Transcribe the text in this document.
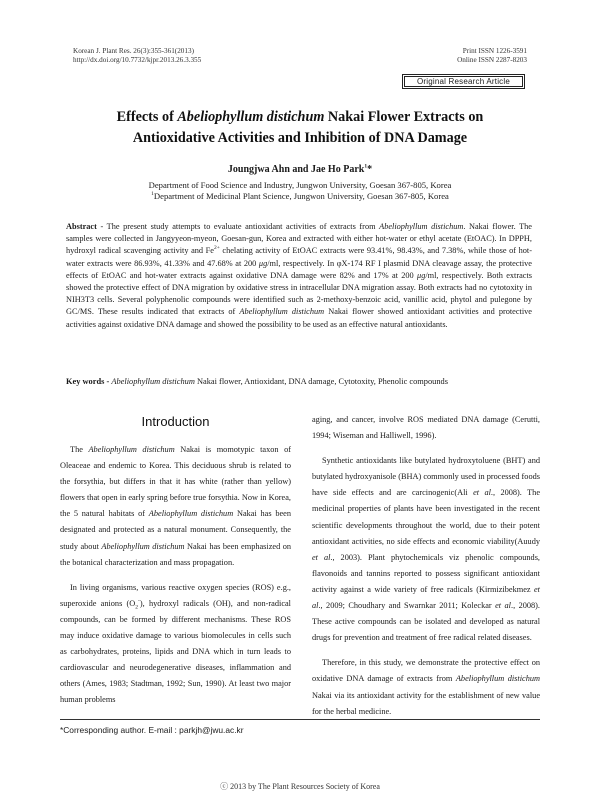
Korean J. Plant Res. 26(3):355-361(2013)
http://dx.doi.org/10.7732/kjpr.2013.26.3.355
Print ISSN 1226-3591
Online ISSN 2287-8203
Original Research Article
Effects of Abeliophyllum distichum Nakai Flower Extracts on
Antioxidative Activities and Inhibition of DNA Damage
Joungjwa Ahn and Jae Ho Park$^1$*
Department of Food Science and Industry, Jungwon University, Goesan 367-805, Korea
$^1$Department of Medicinal Plant Science, Jungwon University, Goesan 367-805, Korea
Abstract - The present study attempts to evaluate antioxidant activities of extracts from Abeliophyllum distichum. Nakai flower. The samples were collected in Jangyyeon-myeon, Goesan-gun, Korea and extracted with either hot-water or ethyl acetate (EtOAC). In DPPH, hydroxyl radical scavenging activity and $Fe^{2+}$ chelating activity of EtOAC extracts were 93.41%, 98.43%, and 7.38%, while those of hot-water extracts were 86.93%, 41.33% and 47.68% at 200 μg/ml, respectively. In φX-174 RF I plasmid DNA cleavage assay, the protective effects of EtOAC and hot-water extracts against oxidative DNA damage were 82% and 17% at 200 μg/ml, respectively. Both extracts showed the protective effect of DNA migration by oxidative stress in intracellular DNA migration assay. Both extracts had no cytotoxity in NIH3T3 cells. Several polyphenolic compounds were identified such as 2-methoxy-benzoic acid, vanillic acid, phytol and pulegone by GC/MS. These results indicated that extracts of Abeliophyllum distichum Nakai flower showed antioxidant activities and protective activities against oxidative DNA damage and showed the possibility to be used as an effective natural antioxidants.
Key words - Abeliophyllum distichum Nakai flower, Antioxidant, DNA damage, Cytotoxity, Phenolic compounds
Introduction

The Abeliophyllum distichum Nakai is momotypic taxon of Oleaceae and endemic to Korea. This deciduous shrub is related to the forsythia, but differs in that it has white (rather than yellow) flowers that open in early spring before true forsythia. Now in Korea, the 5 natural habitats of Abeliophyllum distichum Nakai has been designated and protected as a natural monument. Consequently, the study about Abeliophyllum distichum Nakai has been emphasized on the botanical characterization and mass propagation.

In living organisms, various reactive oxygen species (ROS) e.g., superoxide anions $(O_2^-)$, hydroxyl radicals (OH), and non-radical compounds, can be formed by different mechanisms. These ROS may induce oxidative damage to various biomolecules in cells such as carbohydrates, proteins, lipids and DNA which in turn leads to cardiovascular and neurodegenerative diseases, inflammation and others (Ames, 1983; Stadtman, 1992; Sun, 1990). At least two major human problems

aging, and cancer, involve ROS mediated DNA damage (Cerutti, 1994; Wiseman and Halliwell, 1996).

Synthetic antioxidants like butylated hydroxytoluene (BHT) and butylated hydroxyanisole (BHA) commonly used in processed foods have side effects and are carcinogenic(Ali et al., 2008). The medicinal properties of plants have been investigated in the recent scientific developments throughout the world, due to their potent antioxidant activities, no side effects and economic viability(Auudy et al., 2003). Plant phytochemicals viz phenolic compounds, flavonoids and tannins reported to possess significant antioxidant activity against a wide variety of free radicals (Kirmizibekmez et al., 2009; Choudhary and Swarnkar 2011; Koleckar et al., 2008). These active compounds can be isolated and developed as natural drugs for prevention and treatment of free radical related diseases.

Therefore, in this study, we demonstrate the protective effect on oxidative DNA damage of extracts from Abeliophyllum distichum Nakai via its antioxidant activity for the establishment of new value for the herbal medicine.

*Corresponding author. E-mail : parkjh@jwu.ac.kr
ⓒ 2013 by The Plant Resources Society of Korea
